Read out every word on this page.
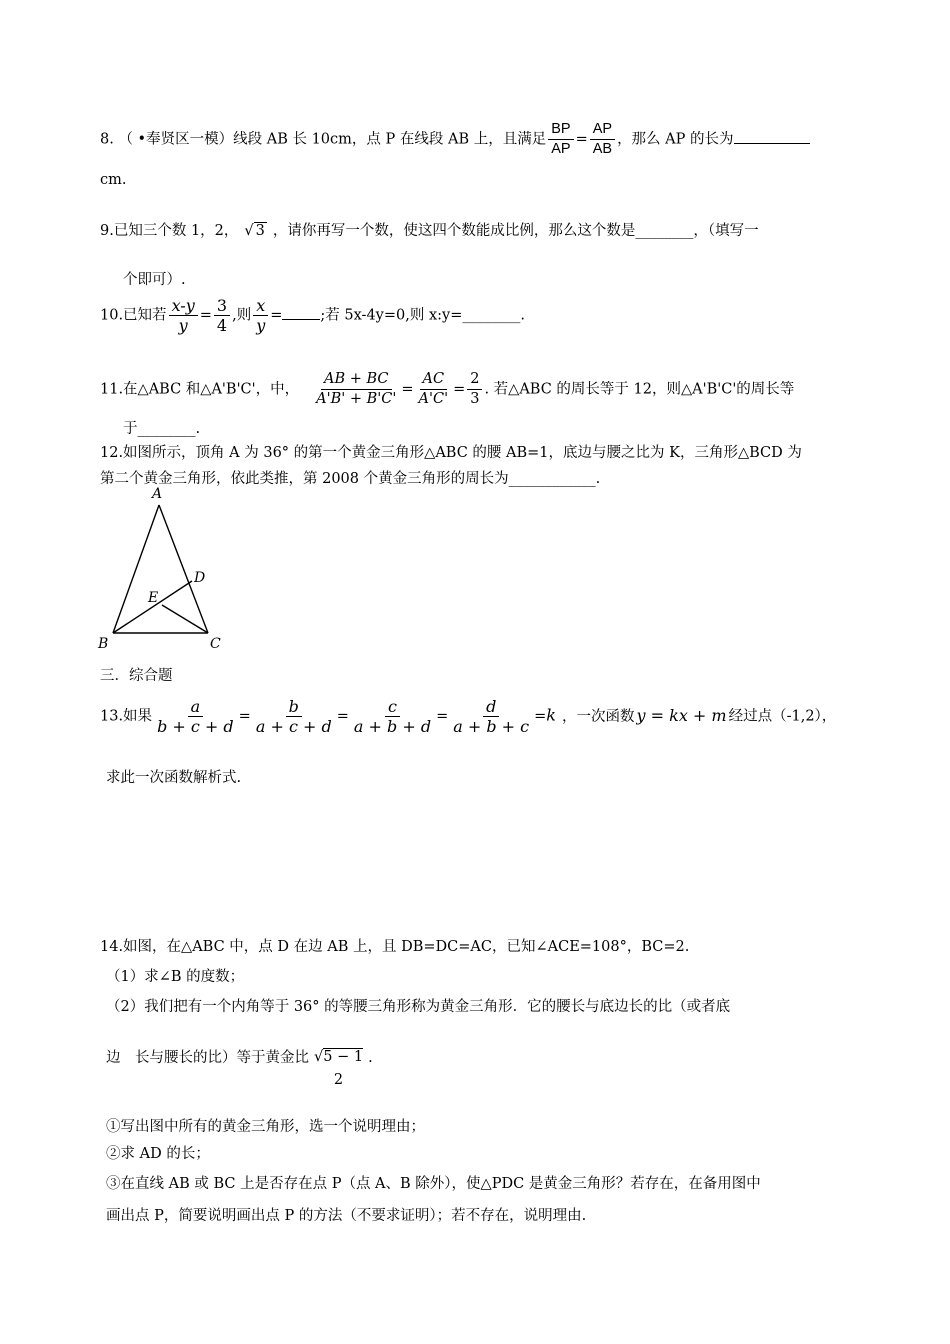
8. （ •奉贤区一模）线段 AB 长 10cm，点 P 在线段 AB 上，且满足 $\frac{BP}{AP} = \frac{AP}{AB}$ ，那么 AP 的长为
cm.
9.已知三个数 1，2， √ 3 ，请你再写一个数，使这四个数能成比例，那么这个数是________，（填写一
个即可）.
10.已知若 $\frac{x-y}{y} = \frac{3}{4}$ ,则 $\frac{x}{y}$ =	;若 5x-4y=0,则 x:y=________.
11.在△ABC 和△A'B'C'，中， $\frac{AB + BC}{A'B' + B'C'} = \frac{AC}{A'C'} = \frac{2}{3}$ . 若△ABC 的周长等于 12，则△A'B'C'的周长等
于________.
12.如图所示，顶角 A 为 36° 的第一个黄金三角形△ABC 的腰 AB=1，底边与腰之比为 K，三角形△BCD 为
第二个黄金三角形，依此类推，第 2008 个黄金三角形的周长为____________.
A
B	C
D
E
三．综合题
13.如果 $\frac{a}{b + c + d} = \frac{b}{a + c + d} = \frac{c}{a + b + d} = \frac{d}{a + b + c} =k$ ，一次函数 y = kx + m 经过点（-1,2），
求此一次函数解析式.
14.如图，在△ABC 中，点 D 在边 AB 上，且 DB=DC=AC，已知∠ACE=108°，BC=2.
（1）求∠B 的度数；
（2）我们把有一个内角等于 36° 的等腰三角形称为黄金三角形．它的腰长与底边长的比（或者底
边　长与腰长的比）等于黄金比 √5 − 1
2
.
①写出图中所有的黄金三角形，选一个说明理由；
②求 AD 的长；
③在直线 AB 或 BC 上是否存在点 P（点 A、B 除外），使△PDC 是黄金三角形？若存在，在备用图中
画出点 P，简要说明画出点 P 的方法（不要求证明）；若不存在，说明理由.
